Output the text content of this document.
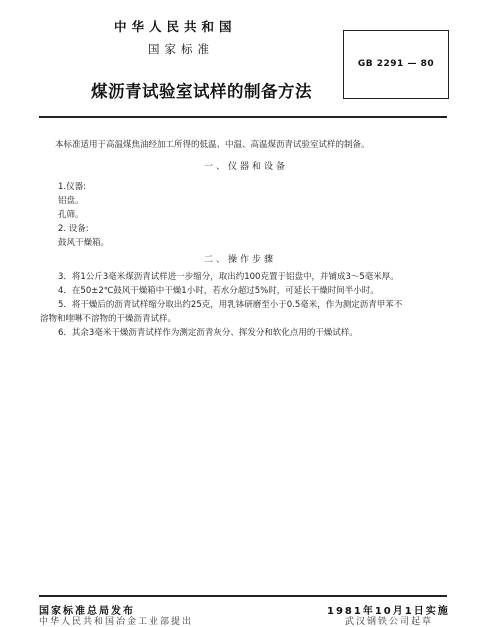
中华人民共和国
国家标准
GB 2291 — 80
煤沥青试验室试样的制备方法
本标准适用于高温煤焦油经加工所得的低温、中温、高温煤沥青试验室试样的制备。
一、仪器和设备
1.仪器:
铝盘。
孔筛。
2. 设备:
鼓风干燥箱。
二、操作步骤
3．将1公斤3毫米煤沥青试样进一步缩分，取出约100克置于铝盘中，并铺成3～5毫米厚。
4．在50±2℃鼓风干燥箱中干燥1小时，若水分超过5%时，可延长干燥时间半小时。
5．将干燥后的沥青试样缩分取出约25克，用乳钵研磨至小于0.5毫米，作为测定沥青甲苯不
溶物和喹啉不溶物的干燥沥青试样。
6．其余3毫米干燥沥青试样作为测定沥青灰分、挥发分和软化点用的干燥试样。
国家标准总局发布	1981年10月1日实施
中华人民共和国冶金工业部提出	武汉钢铁公司起草
